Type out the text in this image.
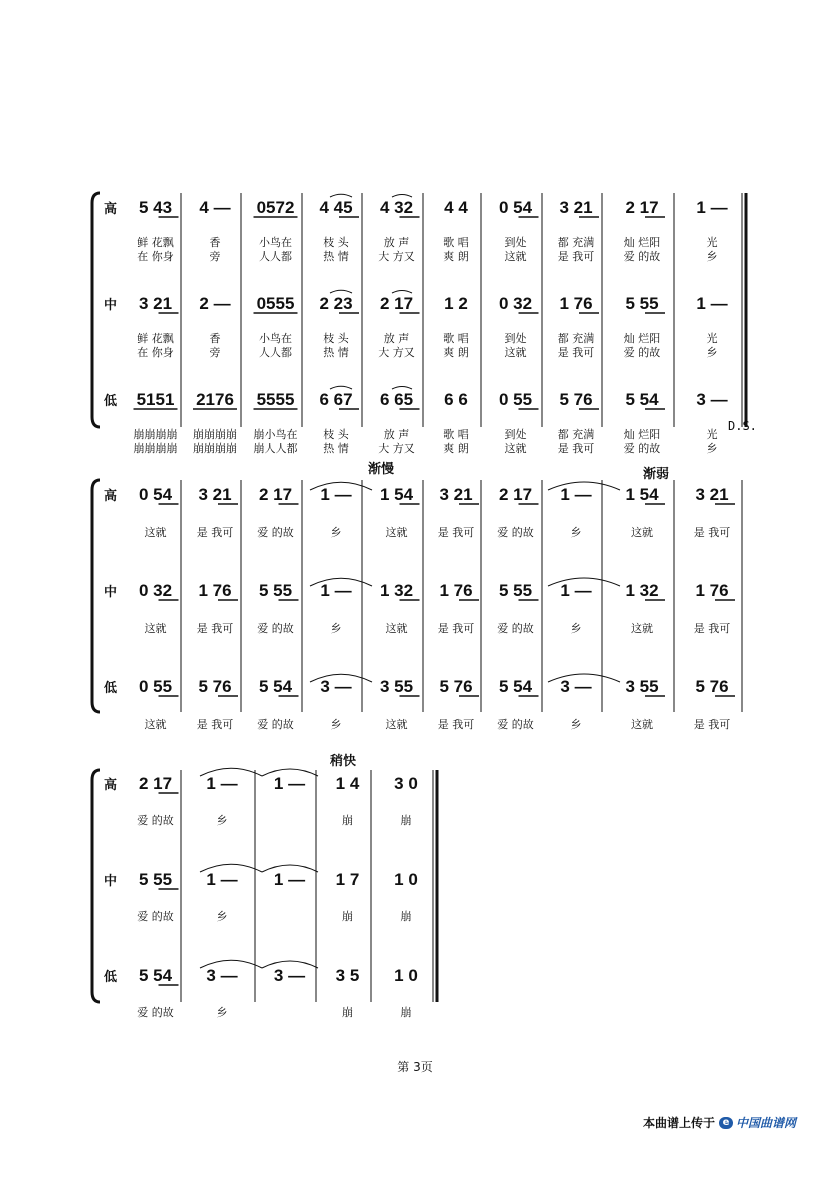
高
中
低
5 43
3 21
5151
鲜 花飘
在 你身
鲜 花飘
在 你身
崩崩崩崩
崩崩崩崩
4 —
2 —
2176
香
旁
香
旁
崩崩崩崩
崩崩崩崩
0572
0555
5555
小鸟在
人人都
小鸟在
人人都
崩小鸟在
崩人人都
4 45
2 23
6 67
枝 头
热 情
枝 头
热 情
枝 头
热 情
4 32
2 17
6 65
放 声
大 方又
放 声
大 方又
放 声
大 方又
4 4
1 2
6 6
歌 唱
爽 朗
歌 唱
爽 朗
歌 唱
爽 朗
0 54
0 32
0 55
到处
这就
到处
这就
到处
这就
3 21
1 76
5 76
都 充满
是 我可
都 充满
是 我可
都 充满
是 我可
2 17
5 55
5 54
灿 烂阳
爱 的故
灿 烂阳
爱 的故
灿 烂阳
爱 的故
1 —
1 —
3 —
光
乡
光
乡
光
乡
D.S.
高
中
低
0 54
0 32
0 55
这就
这就
这就
3 21
1 76
5 76
是 我可
是 我可
是 我可
2 17
5 55
5 54
爱 的故
爱 的故
爱 的故
1 —
1 —
3 —
乡
乡
乡
1 54
1 32
3 55
这就
这就
这就
3 21
1 76
5 76
是 我可
是 我可
是 我可
2 17
5 55
5 54
爱 的故
爱 的故
爱 的故
1 —
1 —
3 —
乡
乡
乡
1 54
1 32
3 55
这就
这就
这就
3 21
1 76
5 76
是 我可
是 我可
是 我可
渐慢	渐弱
高
中
低
2 17
5 55
5 54
爱 的故
爱 的故
爱 的故
1 —
1 —
3 —
乡
乡
乡
1 —
1 —
3 —
1 4
1 7
3 5
崩
崩
崩
3 0
1 0
1 0
崩
崩
崩
稍快
第 3页
本曲谱上传于 e 中国曲谱网
